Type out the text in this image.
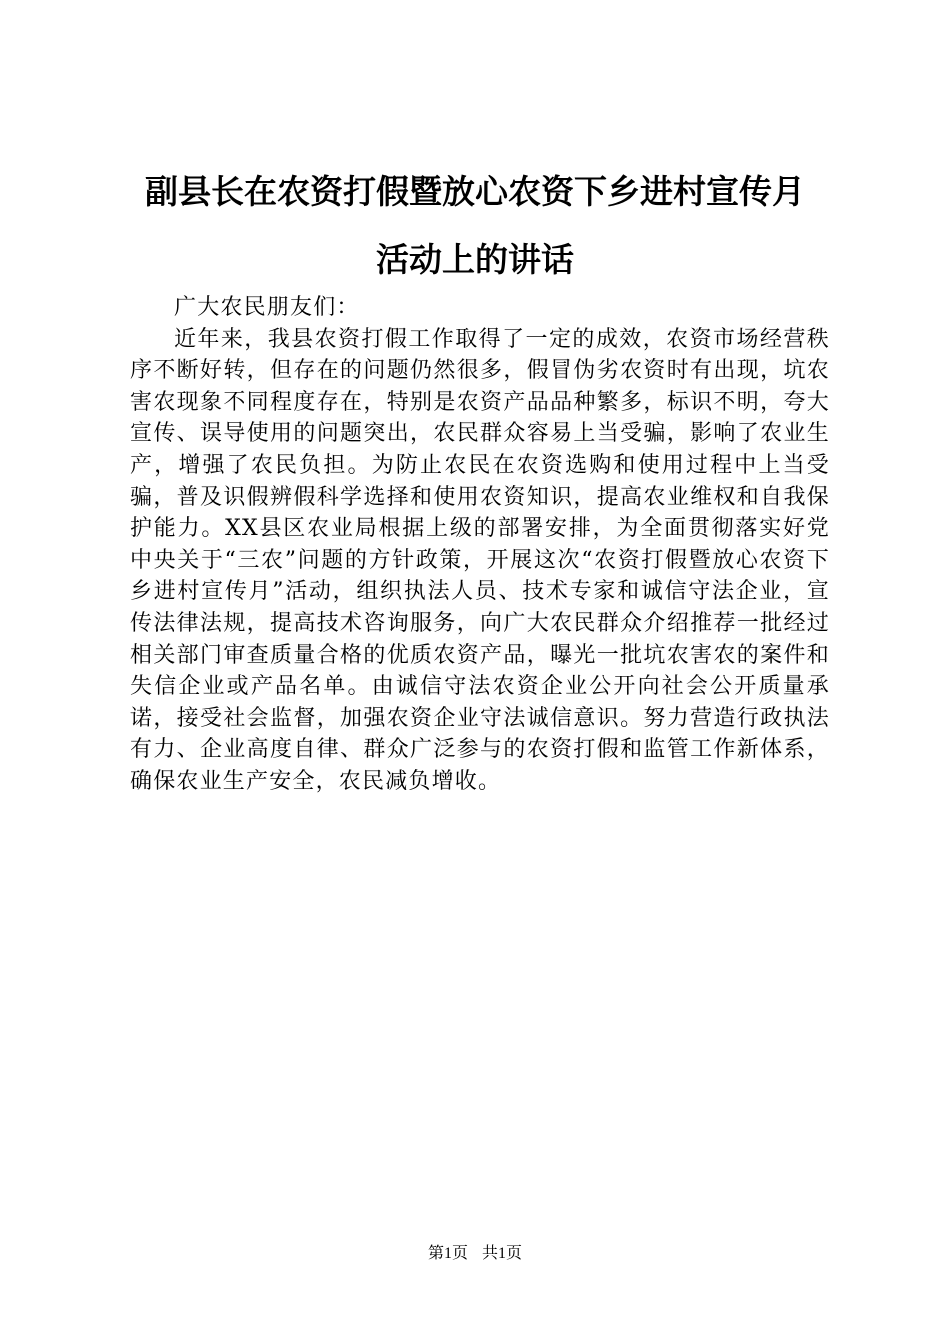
副县长在农资打假暨放心农资下乡进村宣传月
活动上的讲话

广大农民朋友们：

近年来，我县农资打假工作取得了一定的成效，农资市场经营秩序不断好转，但存在的问题仍然很多，假冒伪劣农资时有出现，坑农害农现象不同程度存在，特别是农资产品品种繁多，标识不明，夸大宣传、误导使用的问题突出，农民群众容易上当受骗，影响了农业生产，增强了农民负担。为防止农民在农资选购和使用过程中上当受骗，普及识假辨假科学选择和使用农资知识，提高农业维权和自我保护能力。XX县区农业局根据上级的部署安排，为全面贯彻落实好党中央关于“三农”问题的方针政策，开展这次“农资打假暨放心农资下乡进村宣传月”活动，组织执法人员、技术专家和诚信守法企业，宣传法律法规，提高技术咨询服务，向广大农民群众介绍推荐一批经过相关部门审查质量合格的优质农资产品，曝光一批坑农害农的案件和失信企业或产品名单。由诚信守法农资企业公开向社会公开质量承诺，接受社会监督，加强农资企业守法诚信意识。努力营造行政执法有力、企业高度自律、群众广泛参与的农资打假和监管工作新体系，确保农业生产安全，农民减负增收。

第1页 共1页
